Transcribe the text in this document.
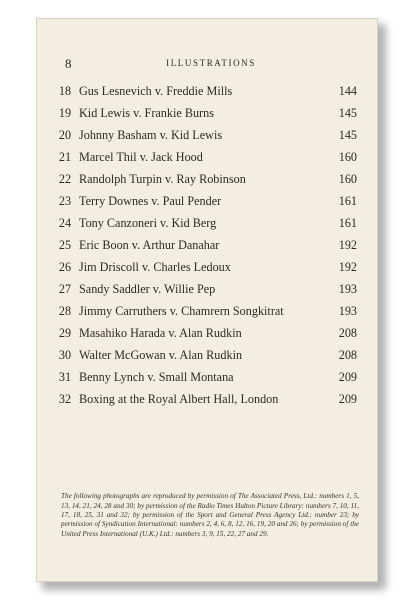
8	ILLUSTRATIONS
18 Gus Lesnevich v. Freddie Mills	144
19 Kid Lewis v. Frankie Burns	145
20 Johnny Basham v. Kid Lewis	145
21 Marcel Thil v. Jack Hood	160
22 Randolph Turpin v. Ray Robinson	160
23 Terry Downes v. Paul Pender	161
24 Tony Canzoneri v. Kid Berg	161
25 Eric Boon v. Arthur Danahar	192
26 Jim Driscoll v. Charles Ledoux	192
27 Sandy Saddler v. Willie Pep	193
28 Jimmy Carruthers v. Chamrern Songkitrat	193
29 Masahiko Harada v. Alan Rudkin	208
30 Walter McGowan v. Alan Rudkin	208
31 Benny Lynch v. Small Montana	209
32 Boxing at the Royal Albert Hall, London	209

The following photographs are reproduced by permission of The Associated Press, Ltd.: numbers 1, 5, 13, 14, 21, 24, 28 and 30; by permission of the Radio Times Hulton Picture Library: numbers 7, 10, 11, 17, 18, 25, 31 and 32; by permission of the Sport and General Press Agency Ltd.: number 23; by permission of Syndication International: numbers 2, 4, 6, 8, 12, 16, 19, 20 and 26; by permission of the United Press International (U.K.) Ltd.: numbers 3, 9, 15, 22, 27 and 29.
